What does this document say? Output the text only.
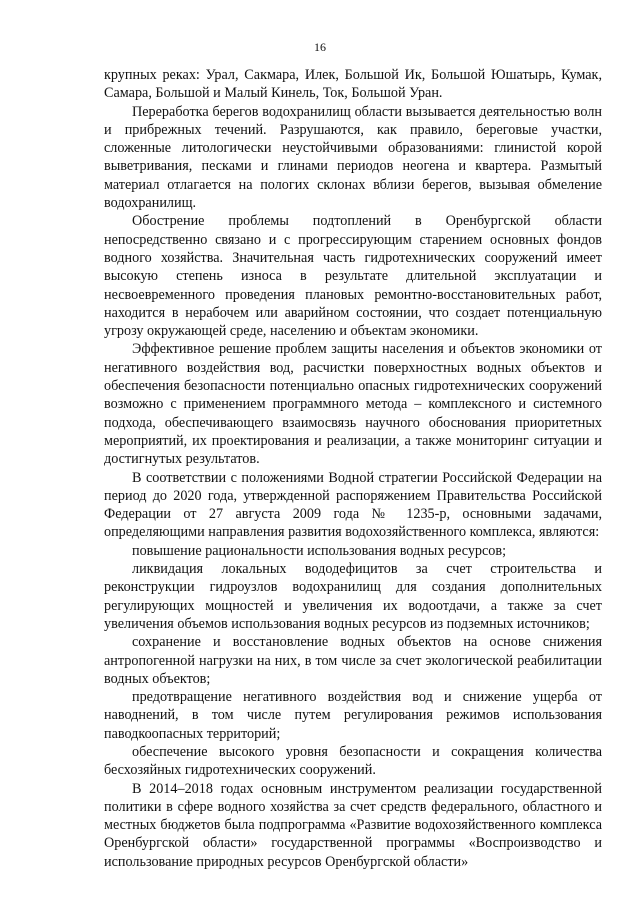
16

крупных реках: Урал, Сакмара, Илек, Большой Ик, Большой Юшатырь, Кумак, Самара, Большой и Малый Кинель, Ток, Большой Уран.

Переработка берегов водохранилищ области вызывается деятельностью волн и прибрежных течений. Разрушаются, как правило, береговые участки, сложенные литологически неустойчивыми образованиями: глинистой корой выветривания, песками и глинами периодов неогена и квартера. Размытый материал отлагается на пологих склонах вблизи берегов, вызывая обмеление водохранилищ.

Обострение проблемы подтоплений в Оренбургской области непосредственно связано и с прогрессирующим старением основных фондов водного хозяйства. Значительная часть гидротехнических сооружений имеет высокую степень износа в результате длительной эксплуатации и несвоевременного проведения плановых ремонтно-восстановительных работ, находится в нерабочем или аварийном состоянии, что создает потенциальную угрозу окружающей среде, населению и объектам экономики.

Эффективное решение проблем защиты населения и объектов экономики от негативного воздействия вод, расчистки поверхностных водных объектов и обеспечения безопасности потенциально опасных гидротехнических сооружений возможно с применением программного метода – комплексного и системного подхода, обеспечивающего взаимосвязь научного обоснования приоритетных мероприятий, их проектирования и реализации, а также мониторинг ситуации и достигнутых результатов.

В соответствии с положениями Водной стратегии Российской Федерации на период до 2020 года, утвержденной распоряжением Правительства Российской Федерации от 27 августа 2009 года № 1235-р, основными задачами, определяющими направления развития водохозяйственного комплекса, являются:

повышение рациональности использования водных ресурсов;

ликвидация локальных вододефицитов за счет строительства и реконструкции гидроузлов водохранилищ для создания дополнительных регулирующих мощностей и увеличения их водоотдачи, а также за счет увеличения объемов использования водных ресурсов из подземных источников;

сохранение и восстановление водных объектов на основе снижения антропогенной нагрузки на них, в том числе за счет экологической реабилитации водных объектов;

предотвращение негативного воздействия вод и снижение ущерба от наводнений, в том числе путем регулирования режимов использования паводкоопасных территорий;

обеспечение высокого уровня безопасности и сокращения количества бесхозяйных гидротехнических сооружений.

В 2014–2018 годах основным инструментом реализации государственной политики в сфере водного хозяйства за счет средств федерального, областного и местных бюджетов была подпрограмма «Развитие водохозяйственного комплекса Оренбургской области» государственной программы «Воспроизводство и использование природных ресурсов Оренбургской области»
